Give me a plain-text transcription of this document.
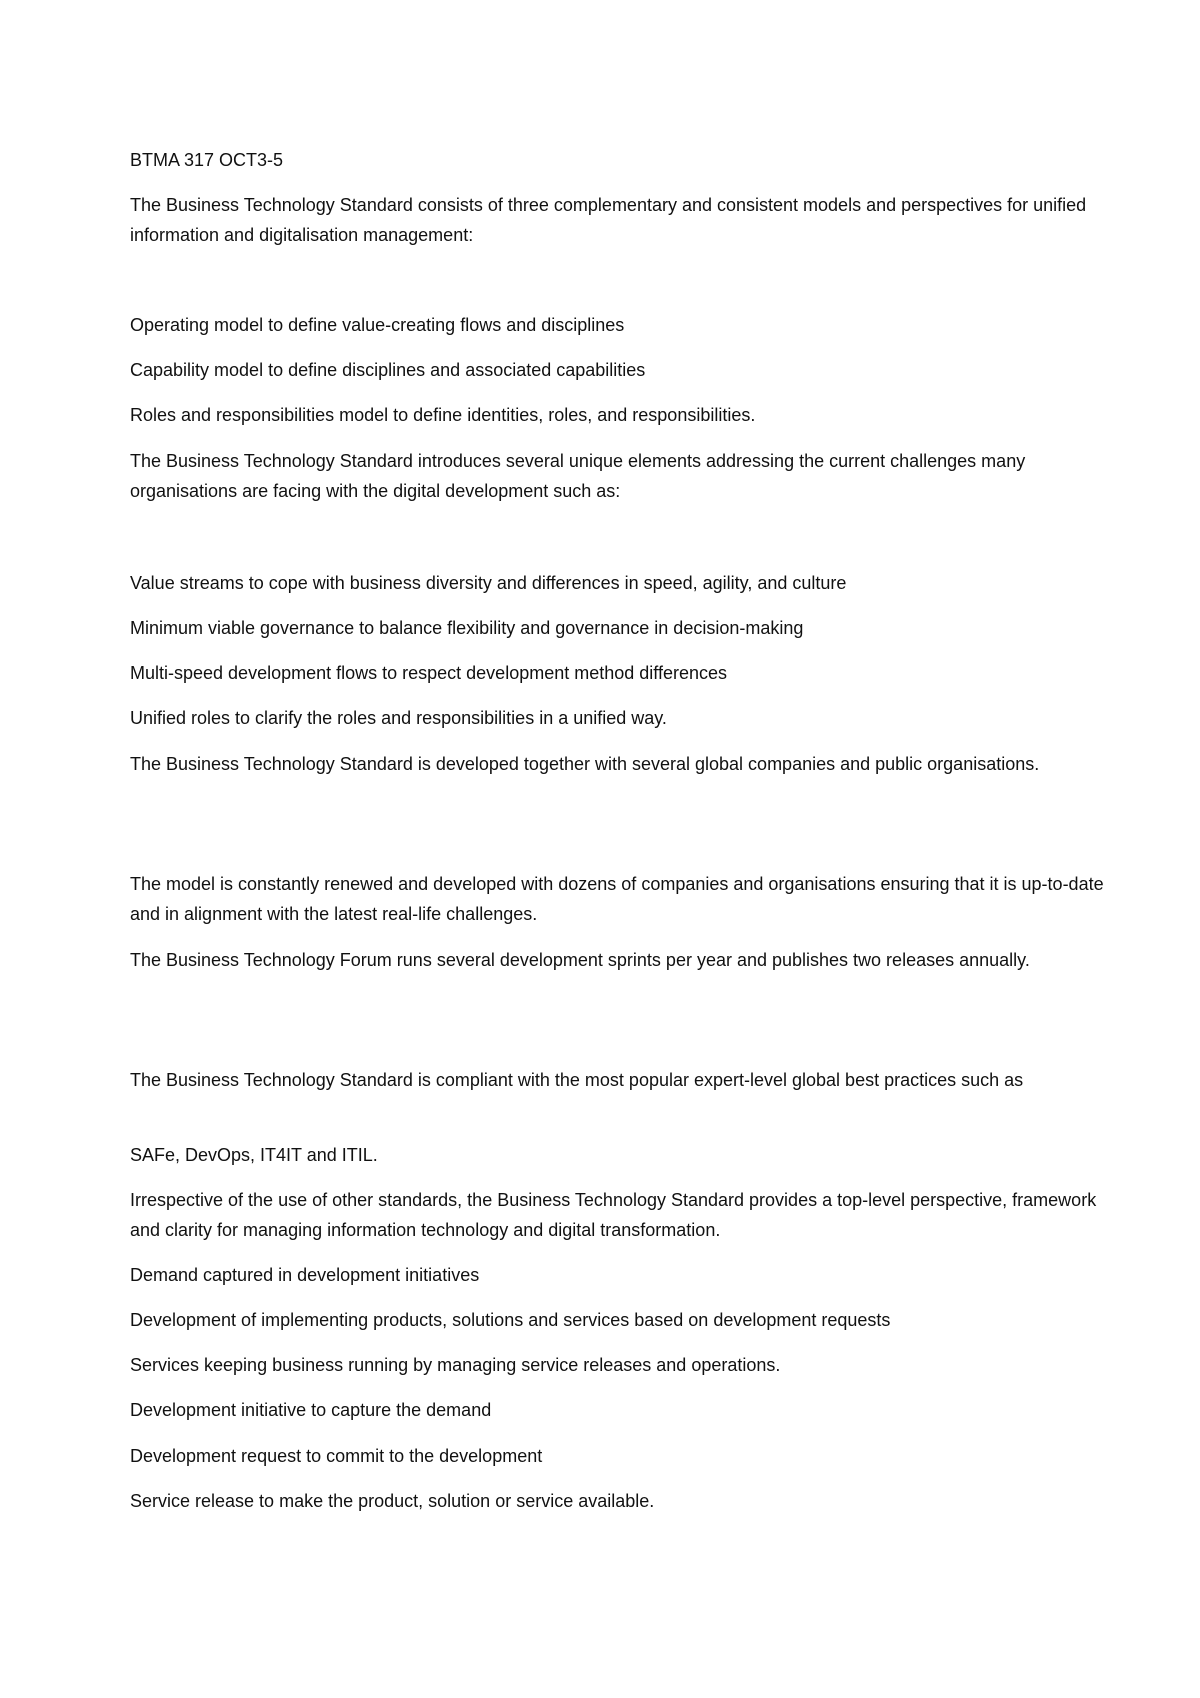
BTMA 317 OCT3-5

The Business Technology Standard consists of three complementary and consistent models and perspectives for unified information and digitalisation management:

Operating model to define value-creating flows and disciplines

Capability model to define disciplines and associated capabilities

Roles and responsibilities model to define identities, roles, and responsibilities.

The Business Technology Standard introduces several unique elements addressing the current challenges many organisations are facing with the digital development such as:

Value streams to cope with business diversity and differences in speed, agility, and culture

Minimum viable governance to balance flexibility and governance in decision-making

Multi-speed development flows to respect development method differences

Unified roles to clarify the roles and responsibilities in a unified way.

The Business Technology Standard is developed together with several global companies and public organisations.

The model is constantly renewed and developed with dozens of companies and organisations ensuring that it is up-to-date and in alignment with the latest real-life challenges.

The Business Technology Forum runs several development sprints per year and publishes two releases annually.

The Business Technology Standard is compliant with the most popular expert-level global best practices such as

SAFe, DevOps, IT4IT and ITIL.

Irrespective of the use of other standards, the Business Technology Standard provides a top-level perspective, framework and clarity for managing information technology and digital transformation.

Demand captured in development initiatives

Development of implementing products, solutions and services based on development requests

Services keeping business running by managing service releases and operations.

Development initiative to capture the demand

Development request to commit to the development

Service release to make the product, solution or service available.
